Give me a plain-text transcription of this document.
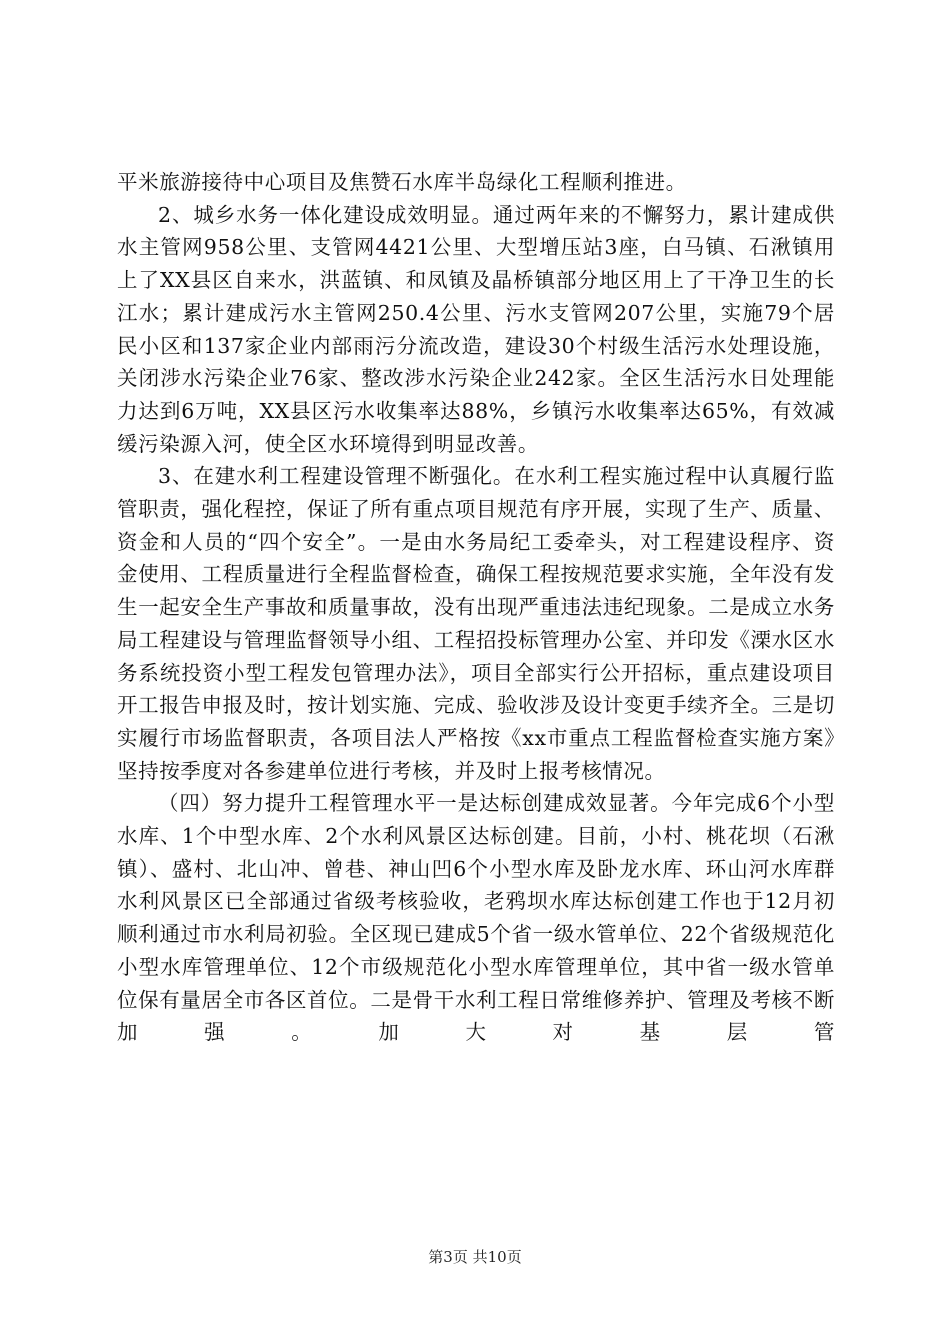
平米旅游接待中心项目及焦赞石水库半岛绿化工程顺利推进。

2、城乡水务一体化建设成效明显。通过两年来的不懈努力，累计建成供水主管网958公里、支管网4421公里、大型增压站3座，白马镇、石湫镇用上了XX县区自来水，洪蓝镇、和凤镇及晶桥镇部分地区用上了干净卫生的长江水；累计建成污水主管网250.4公里、污水支管网207公里，实施79个居民小区和137家企业内部雨污分流改造，建设30个村级生活污水处理设施，关闭涉水污染企业76家、整改涉水污染企业242家。全区生活污水日处理能力达到6万吨，XX县区污水收集率达88%，乡镇污水收集率达65%，有效减缓污染源入河，使全区水环境得到明显改善。

3、在建水利工程建设管理不断强化。在水利工程实施过程中认真履行监管职责，强化程控，保证了所有重点项目规范有序开展，实现了生产、质量、资金和人员的“四个安全”。一是由水务局纪工委牵头，对工程建设程序、资金使用、工程质量进行全程监督检查，确保工程按规范要求实施，全年没有发生一起安全生产事故和质量事故，没有出现严重违法违纪现象。二是成立水务局工程建设与管理监督领导小组、工程招投标管理办公室、并印发《溧水区水务系统投资小型工程发包管理办法》，项目全部实行公开招标，重点建设项目开工报告申报及时，按计划实施、完成、验收涉及设计变更手续齐全。三是切实履行市场监督职责，各项目法人严格按《xx市重点工程监督检查实施方案》坚持按季度对各参建单位进行考核，并及时上报考核情况。

（四）努力提升工程管理水平一是达标创建成效显著。今年完成6个小型水库、1个中型水库、2个水利风景区达标创建。目前，小村、桃花坝（石湫镇）、盛村、北山冲、曾巷、神山凹6个小型水库及卧龙水库、环山河水库群水利风景区已全部通过省级考核验收，老鸦坝水库达标创建工作也于12月初顺利通过市水利局初验。全区现已建成5个省一级水管单位、22个省级规范化小型水库管理单位、12个市级规范化小型水库管理单位，其中省一级水管单位保有量居全市各区首位。二是骨干水利工程日常维修养护、管理及考核不断加强。加大对基层管

第3页 共10页
